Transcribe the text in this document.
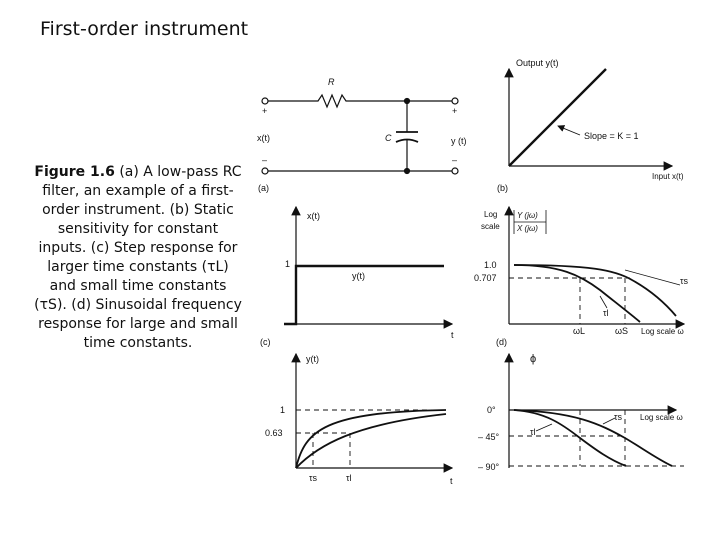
First-order instrument
Figure 1.6 (a) A low-pass RC filter, an example of a first-order instrument. (b) Static sensitivity for constant inputs. (c) Step response for larger time constants (τL) and small time constants (τS). (d) Sinusoidal frequency response for large and small time constants.
R
C
+	+
–	–
x(t)	y (t)
(a)
Output y(t)
Input x(t)
Slope = K = 1
(b)
x(t)
1
y(t)
t
(c)
y(t)
1
0.63
τs	τl	t
Log
scale
Y (jω)
X (jω)
1.0
0.707	τs
τl
ωL	ωS Log scale ω
(d)
ϕ
0°
– 45°
– 90°
τs
τl
Log scale ω
